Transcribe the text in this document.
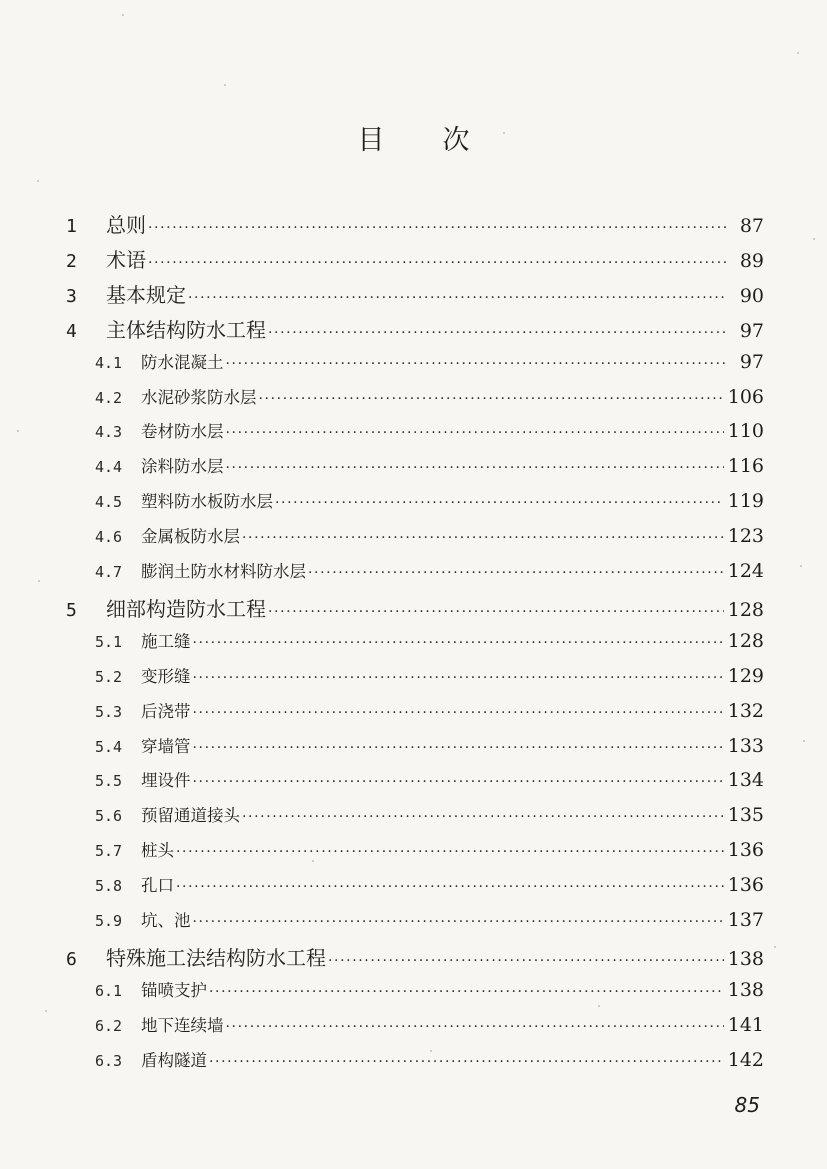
目 次
1	总则 ·····	87
2	术语 ·····	89
3	基本规定 ·····	90
4	主体结构防水工程 ·····	97
4.1	防水混凝土 ·····	97
4.2	水泥砂浆防水层 ·····	106
4.3	卷材防水层 ·····	110
4.4	涂料防水层 ·····	116
4.5	塑料防水板防水层 ·····	119
4.6	金属板防水层 ·····	123
4.7	膨润土防水材料防水层 ·····	124
5	细部构造防水工程 ·····	128
5.1	施工缝 ·····	128
5.2	变形缝 ·····	129
5.3	后浇带 ·····	132
5.4	穿墙管 ·····	133
5.5	埋设件 ·····	134
5.6	预留通道接头 ·····	135
5.7	桩头 ·····	136
5.8	孔口 ·····	136
5.9	坑、池 ·····	137
6	特殊施工法结构防水工程 ·····	138
6.1	锚喷支护 ·····	138
6.2	地下连续墙 ·····	141
6.3	盾构隧道 ·····	142
85
